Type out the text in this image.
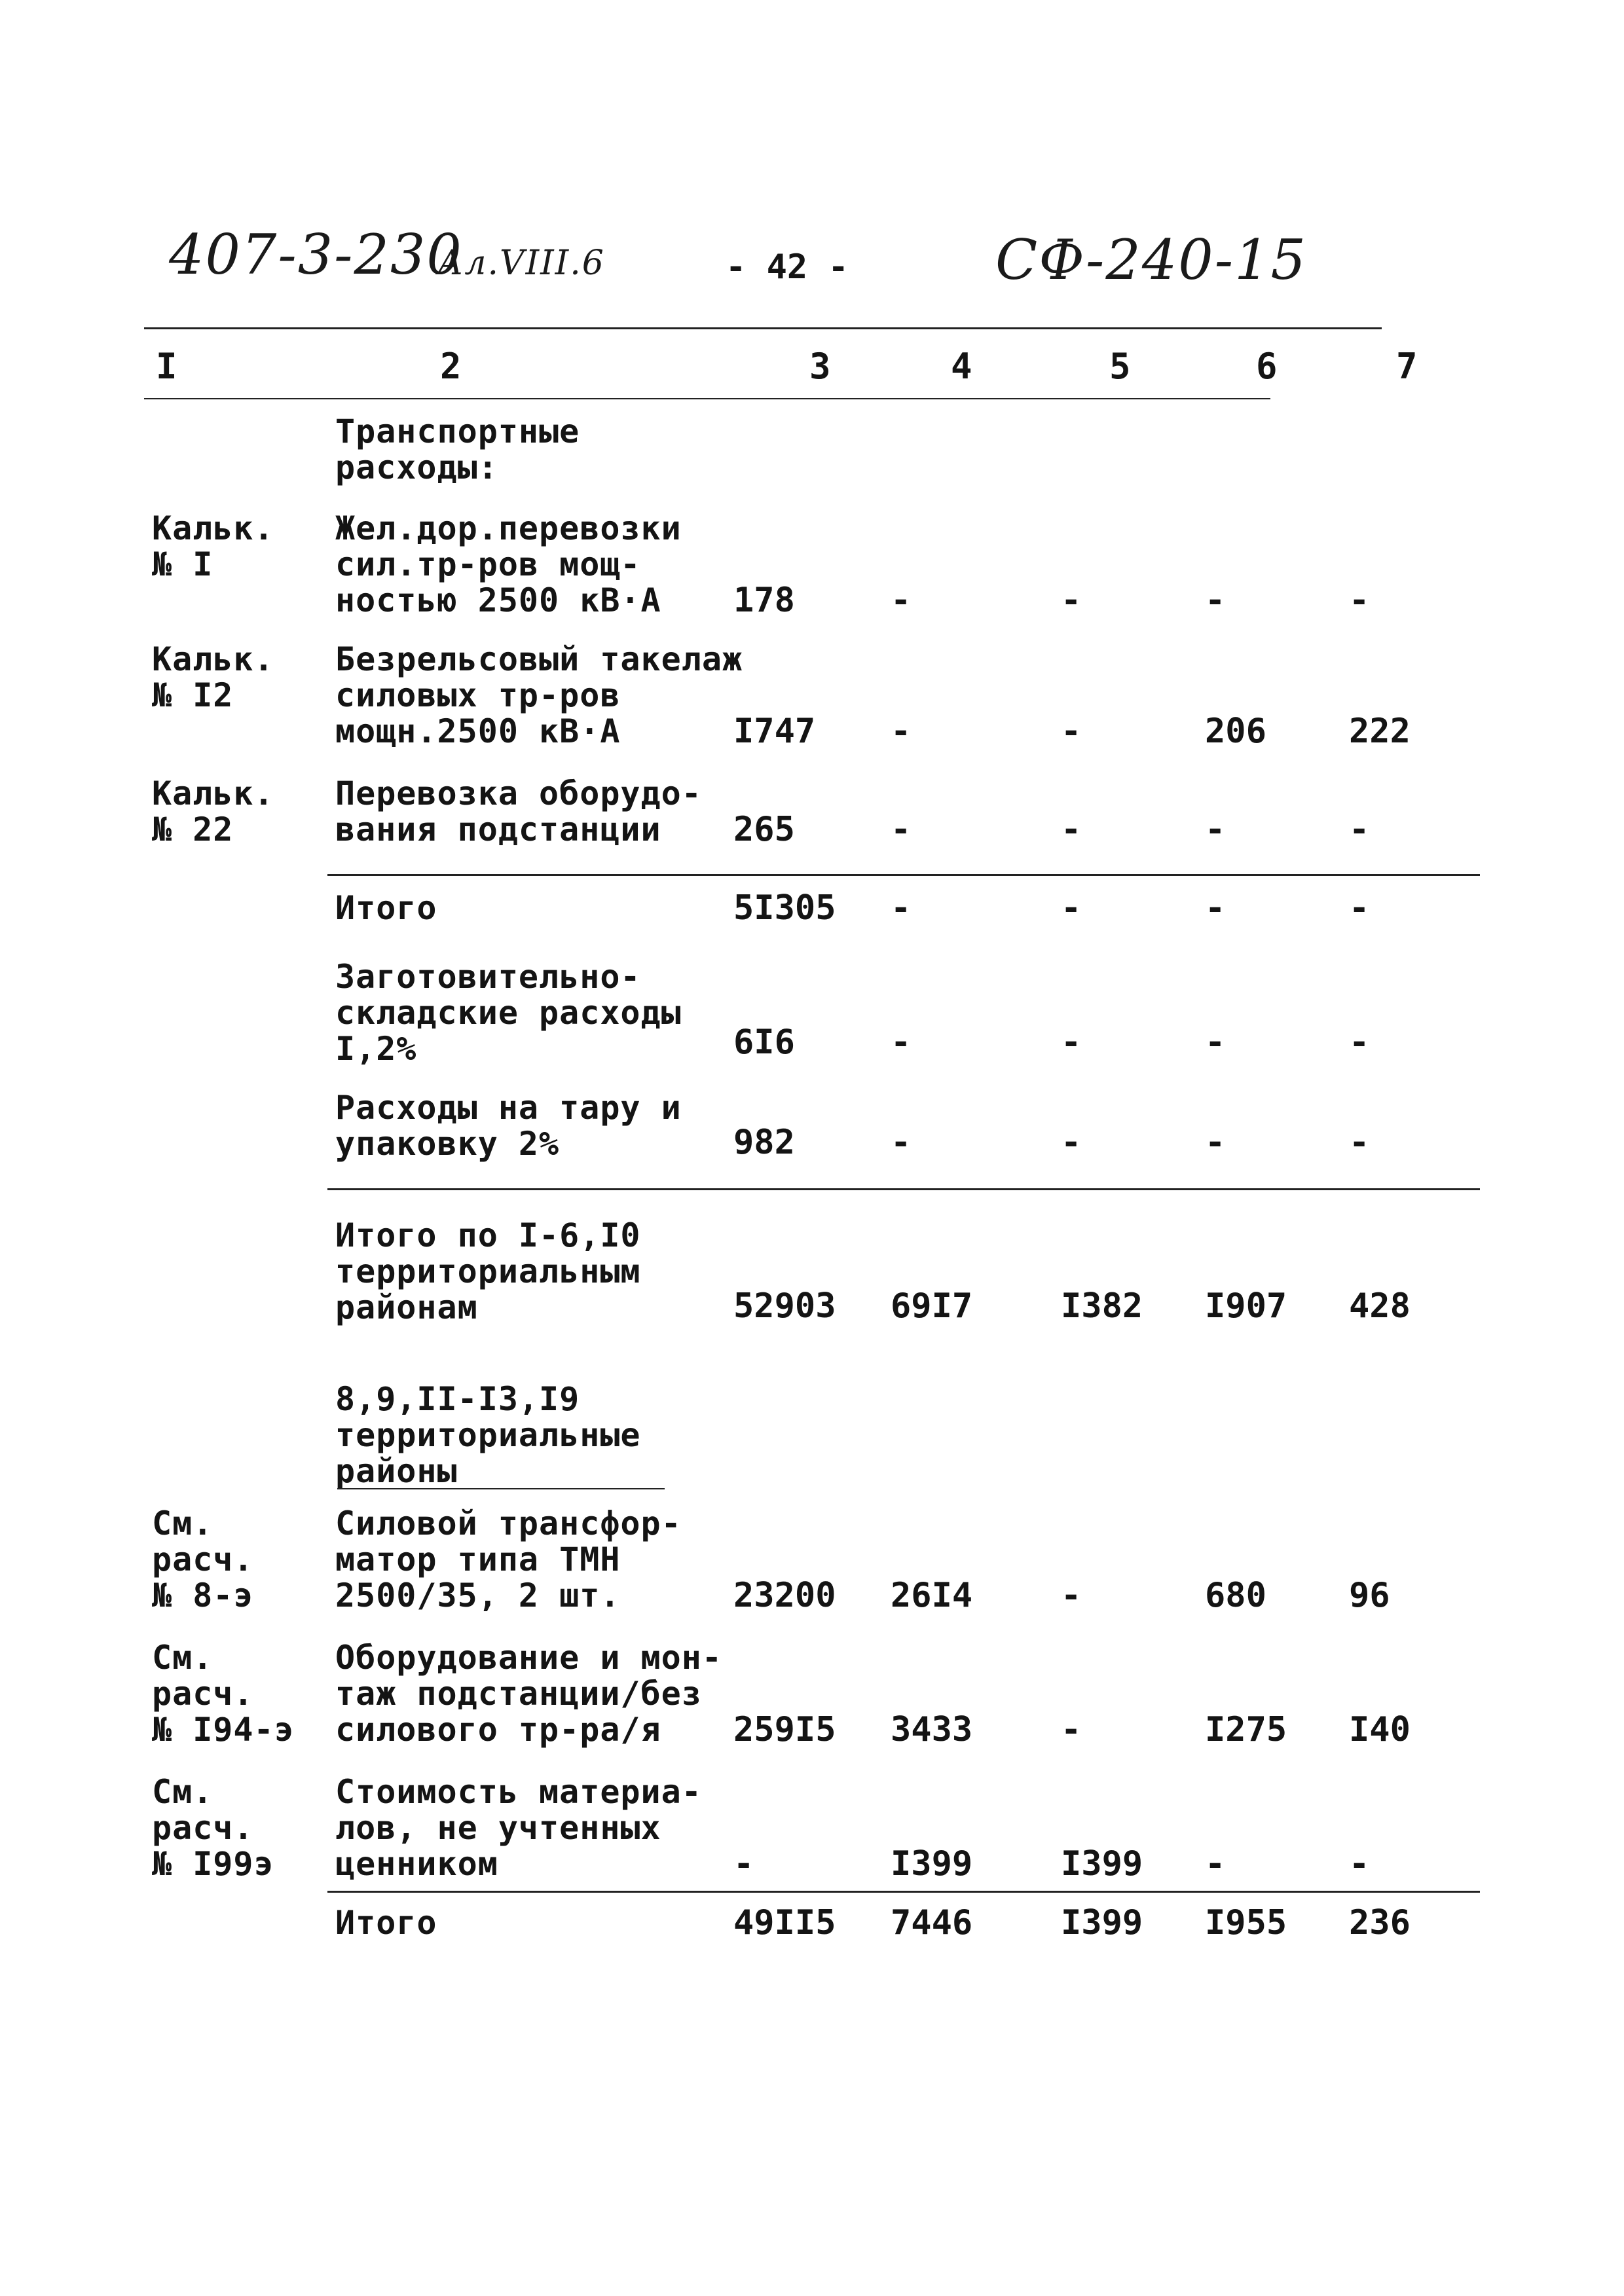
407-3-230
Ал.VIII.6	- 42 -	СФ-240-15
I	2	3	4	5	6	7
Транспортные
расходы:
Кальк.
№ I
Жел.дор.перевозки
сил.тр-ров мощ-
ностью 2500 кВ·А	178	-	-	-	-
Кальк.
№ I2
Безрельсовый такелаж
силовых тр-ров
мощн.2500 кВ·А	I747	-	-	206	222
Кальк.
№ 22
Перевозка оборудо-
вания подстанции	265	-	-	-	-
Итого	5I305	-	-	-	-
Заготовительно-
складские расходы
I,2%	6I6	-	-	-	-
Расходы на тару и
упаковку 2%	982	-	-	-	-
Итого по I-6,I0
территориальным
районам	52903	69I7	I382	I907	428
8,9,II-I3,I9
территориальные
районы
См.
расч.
№ 8-э
Силовой трансфор-
матор типа ТМН
2500/35, 2 шт.	23200	26I4	-	680	96
См.
расч.
№ I94-э
Оборудование и мон-
таж подстанции/без
силового тр-ра/я	259I5	3433	-	I275	I40
См.
расч.
№ I99э
Стоимость материа-
лов, не учтенных
ценником	-	I399	I399	-	-
Итого	49II5	7446	I399	I955	236
